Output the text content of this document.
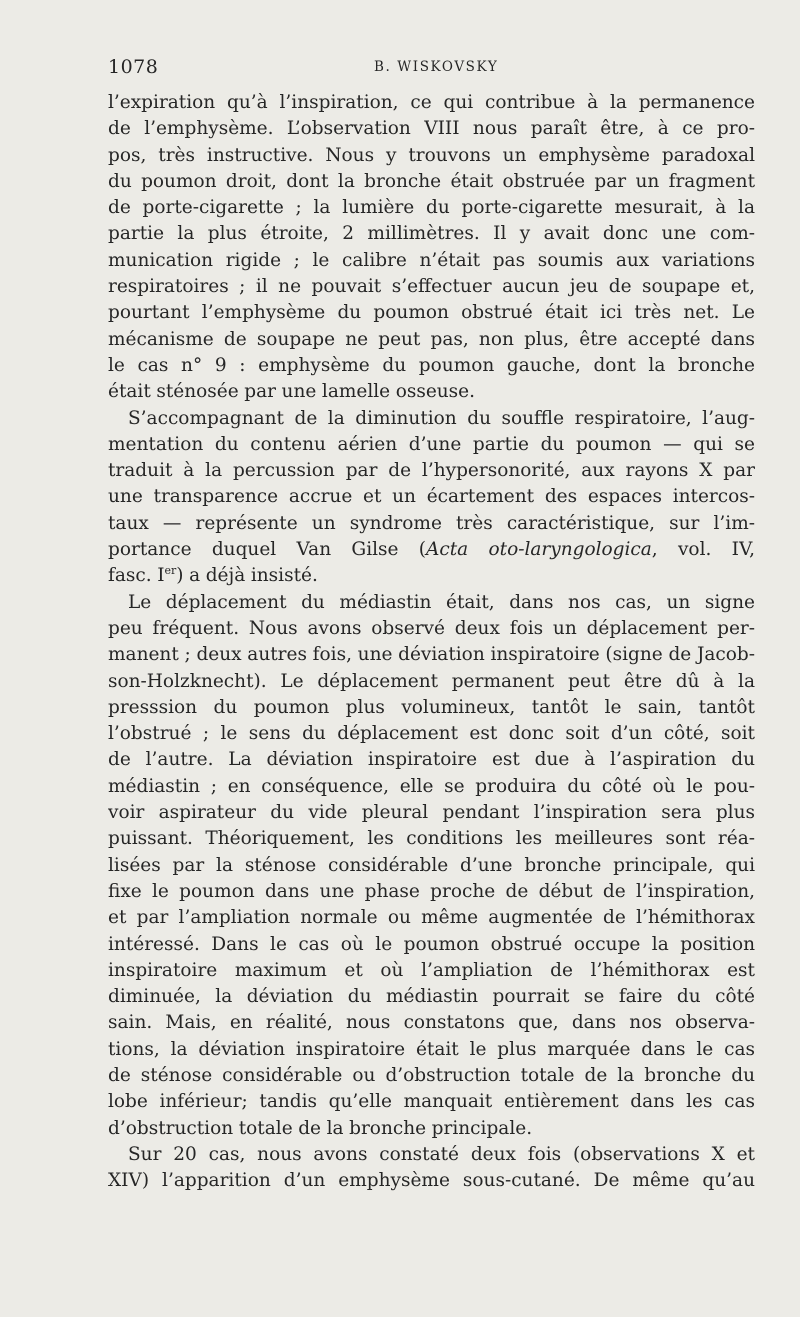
1078	B. WISKOVSKY
l’expiration qu’à l’inspiration, ce qui contribue à la permanence
de l’emphysème. L’observation VIII nous paraît être, à ce pro-
pos, très instructive. Nous y trouvons un emphysème paradoxal
du poumon droit, dont la bronche était obstruée par un fragment
de porte-cigarette ; la lumière du porte-cigarette mesurait, à la
partie la plus étroite, 2 millimètres. Il y avait donc une com-
munication rigide ; le calibre n’était pas soumis aux variations
respiratoires ; il ne pouvait s’effectuer aucun jeu de soupape et,
pourtant l’emphysème du poumon obstrué était ici très net. Le
mécanisme de soupape ne peut pas, non plus, être accepté dans
le cas n° 9 : emphysème du poumon gauche, dont la bronche
était sténosée par une lamelle osseuse.
S’accompagnant de la diminution du souffle respiratoire, l’aug-
mentation du contenu aérien d’une partie du poumon — qui se
traduit à la percussion par de l’hypersonorité, aux rayons X par
une transparence accrue et un écartement des espaces intercos-
taux — représente un syndrome très caractéristique, sur l’im-
portance duquel Van Gilse (Acta oto-laryngologica, vol. IV,
fasc. Ier) a déjà insisté.
Le déplacement du médiastin était, dans nos cas, un signe
peu fréquent. Nous avons observé deux fois un déplacement per-
manent ; deux autres fois, une déviation inspiratoire (signe de Jacob-
son-Holzknecht). Le déplacement permanent peut être dû à la
presssion du poumon plus volumineux, tantôt le sain, tantôt
l’obstrué ; le sens du déplacement est donc soit d’un côté, soit
de l’autre. La déviation inspiratoire est due à l’aspiration du
médiastin ; en conséquence, elle se produira du côté où le pou-
voir aspirateur du vide pleural pendant l’inspiration sera plus
puissant. Théoriquement, les conditions les meilleures sont réa-
lisées par la sténose considérable d’une bronche principale, qui
fixe le poumon dans une phase proche de début de l’inspiration,
et par l’ampliation normale ou même augmentée de l’hémithorax
intéressé. Dans le cas où le poumon obstrué occupe la position
inspiratoire maximum et où l’ampliation de l’hémithorax est
diminuée, la déviation du médiastin pourrait se faire du côté
sain. Mais, en réalité, nous constatons que, dans nos observa-
tions, la déviation inspiratoire était le plus marquée dans le cas
de sténose considérable ou d’obstruction totale de la bronche du
lobe inférieur; tandis qu’elle manquait entièrement dans les cas
d’obstruction totale de la bronche principale.
Sur 20 cas, nous avons constaté deux fois (observations X et
XIV) l’apparition d’un emphysème sous-cutané. De même qu’au
